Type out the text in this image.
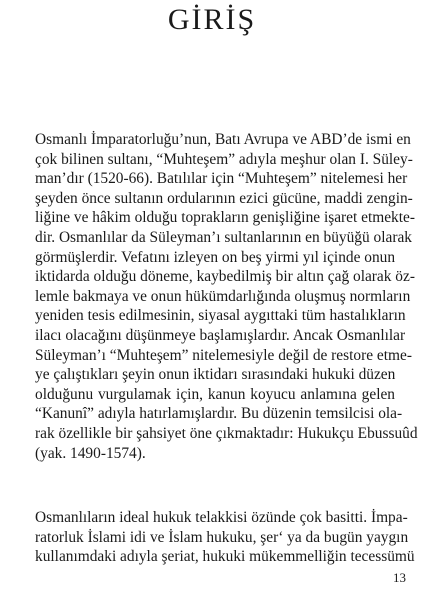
GİRİŞ
Osmanlı İmparatorluğu’nun, Batı Avrupa ve ABD’de ismi en
çok bilinen sultanı, “Muhteşem” adıyla meşhur olan I. Süley-
man’dır (1520-66). Batılılar için “Muhteşem” nitelemesi her
şeyden önce sultanın ordularının ezici gücüne, maddi zengin-
liğine ve hâkim olduğu toprakların genişliğine işaret etmekte-
dir. Osmanlılar da Süleyman’ı sultanlarının en büyüğü olarak
görmüşlerdir. Vefatını izleyen on beş yirmi yıl içinde onun
iktidarda olduğu döneme, kaybedilmiş bir altın çağ olarak öz-
lemle bakmaya ve onun hükümdarlığında oluşmuş normların
yeniden tesis edilmesinin, siyasal aygıttaki tüm hastalıkların
ilacı olacağını düşünmeye başlamışlardır. Ancak Osmanlılar
Süleyman’ı “Muhteşem” nitelemesiyle değil de restore etme-
ye çalıştıkları şeyin onun iktidarı sırasındaki hukuki düzen
olduğunu vurgulamak için, kanun koyucu anlamına gelen
“Kanunî” adıyla hatırlamışlardır. Bu düzenin temsilcisi ola-
rak özellikle bir şahsiyet öne çıkmaktadır: Hukukçu Ebussuûd
(yak. 1490-1574).
Osmanlıların ideal hukuk telakkisi özünde çok basitti. İmpa-
ratorluk İslami idi ve İslam hukuku, şer‘ ya da bugün yaygın
kullanımdaki adıyla şeriat, hukuki mükemmelliğin tecessümü
13
